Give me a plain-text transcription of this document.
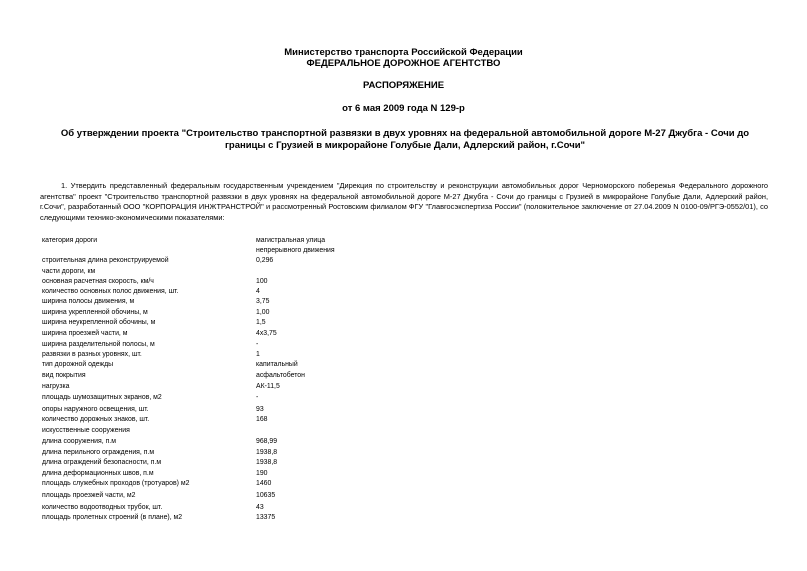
Министерство транспорта Российской Федерации
ФЕДЕРАЛЬНОЕ ДОРОЖНОЕ АГЕНТСТВО
РАСПОРЯЖЕНИЕ
от 6 мая 2009 года N 129-р
Об утверждении проекта "Строительство транспортной развязки в двух уровнях на федеральной автомобильной дороге М-27 Джубга - Сочи до границы с Грузией в микрорайоне Голубые Дали, Адлерский район, г.Сочи"
1. Утвердить представленный федеральным государственным учреждением "Дирекция по строительству и реконструкции автомобильных дорог Черноморского побережья Федерального дорожного агентства" проект "Строительство транспортной развязки в двух уровнях на федеральной автомобильной дороге М-27 Джубга - Сочи до границы с Грузией в микрорайоне Голубые Дали, Адлерский район, г.Сочи", разработанный ООО "КОРПОРАЦИЯ ИНЖТРАНСТРОЙ" и рассмотренный Ростовским филиалом ФГУ "Главгосэкспертиза России" (положительное заключение от 27.04.2009 N 0100-09/РГЭ-0552/01), со следующими технико-экономическими показателями:
категория дороги	магистральная улица
непрерывного движения
строительная длина реконструируемой	0,296
части дороги, км
основная расчетная скорость, км/ч	100
количество основных полос движения, шт.	4
ширина полосы движения, м	3,75
ширина укрепленной обочины, м	1,00
ширина неукрепленной обочины, м	1,5
ширина проезжей части, м	4х3,75
ширина разделительной полосы, м	-
развязки в разных уровнях, шт.	1
тип дорожной одежды	капитальный
вид покрытия	асфальтобетон
нагрузка	АК-11,5
площадь шумозащитных экранов, м2	-
опоры наружного освещения, шт.	93
количество дорожных знаков, шт.	168
искусственные сооружения
длина сооружения, п.м	968,99
длина перильного ограждения, п.м	1938,8
длина ограждений безопасности, п.м	1938,8
длина деформационных швов, п.м	190
площадь служебных проходов (тротуаров) м2	1460
площадь проезжей части, м2	10635
количество водоотводных трубок, шт.	43
площадь пролетных строений (в плане), м2	13375
